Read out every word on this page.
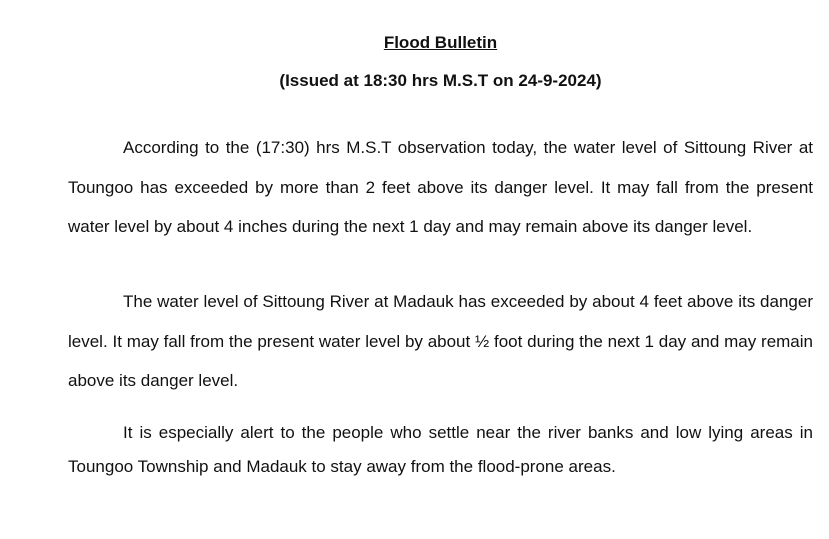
Flood Bulletin
(Issued at 18:30 hrs M.S.T on 24-9-2024)

According to the (17:30) hrs M.S.T observation today, the water level of Sittoung River at Toungoo has exceeded by more than 2 feet above its danger level. It may fall from the present water level by about 4 inches during the next 1 day and may remain above its danger level.

The water level of Sittoung River at Madauk has exceeded by about 4 feet above its danger level. It may fall from the present water level by about ½ foot during the next 1 day and may remain above its danger level.

It is especially alert to the people who settle near the river banks and low lying areas in Toungoo Township and Madauk to stay away from the flood-prone areas.
